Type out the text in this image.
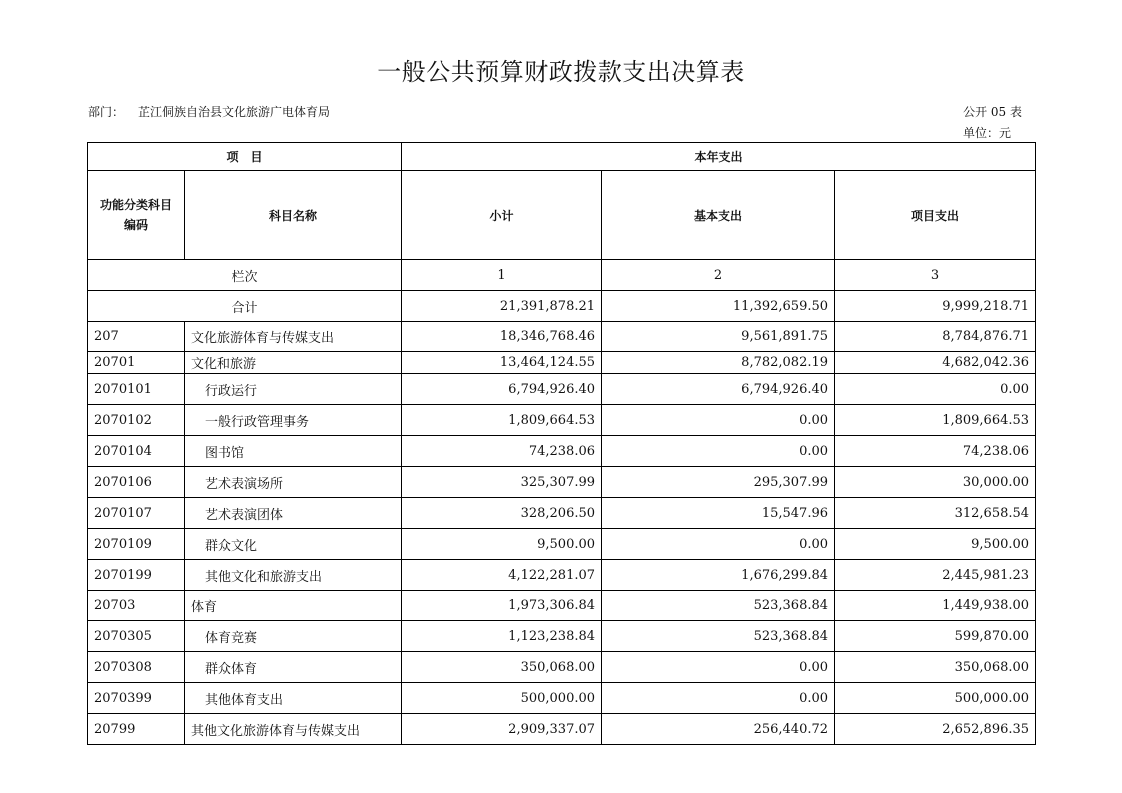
一般公共预算财政拨款支出决算表
部门： 芷江侗族自治县文化旅游广电体育局	公开 05 表
单位：元
项　目		本年支出		
功能分类科目编码	科目名称	小计	基本支出	项目支出
栏次		1	2	3
合计		21,391,878.21	11,392,659.50	9,999,218.71
207	文化旅游体育与传媒支出	18,346,768.46	9,561,891.75	8,784,876.71
20701	文化和旅游	13,464,124.55	8,782,082.19	4,682,042.36
2070101	行政运行	6,794,926.40	6,794,926.40	0.00
2070102	一般行政管理事务	1,809,664.53	0.00	1,809,664.53
2070104	图书馆	74,238.06	0.00	74,238.06
2070106	艺术表演场所	325,307.99	295,307.99	30,000.00
2070107	艺术表演团体	328,206.50	15,547.96	312,658.54
2070109	群众文化	9,500.00	0.00	9,500.00
2070199	其他文化和旅游支出	4,122,281.07	1,676,299.84	2,445,981.23
20703	体育	1,973,306.84	523,368.84	1,449,938.00
2070305	体育竞赛	1,123,238.84	523,368.84	599,870.00
2070308	群众体育	350,068.00	0.00	350,068.00
2070399	其他体育支出	500,000.00	0.00	500,000.00
20799	其他文化旅游体育与传媒支出	2,909,337.07	256,440.72	2,652,896.35
